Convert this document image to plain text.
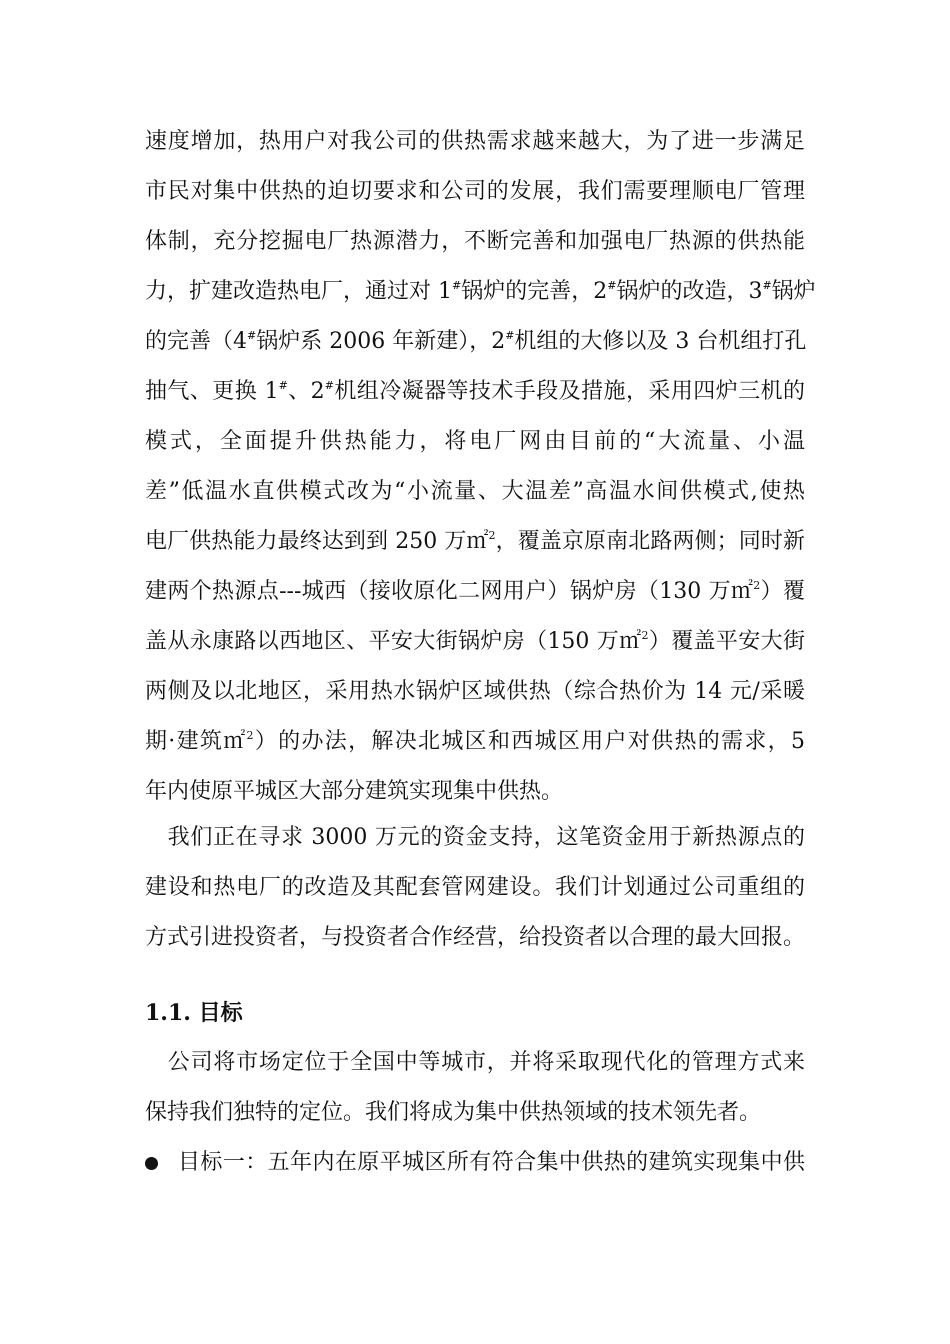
速度增加，热用户对我公司的供热需求越来越大，为了进一步满足
市民对集中供热的迫切要求和公司的发展，我们需要理顺电厂管理
体制，充分挖掘电厂热源潜力，不断完善和加强电厂热源的供热能
力，扩建改造热电厂，通过对 1#锅炉的完善，2#锅炉的改造，3#锅炉
的完善（4#锅炉系 2006 年新建），2#机组的大修以及 3 台机组打孔
抽气、更换 1#、2#机组冷凝器等技术手段及措施，采用四炉三机的
模式，全面提升供热能力，将电厂网由目前的“大流量、小温
差”低温水直供模式改为“小流量、大温差”高温水间供模式,使热
电厂供热能力最终达到到 250 万㎡$^2$，覆盖京原南北路两侧；同时新
建两个热源点---城西（接收原化二网用户）锅炉房（130 万㎡$^2$）覆
盖从永康路以西地区、平安大街锅炉房（150 万㎡$^2$）覆盖平安大街
两侧及以北地区，采用热水锅炉区域供热（综合热价为 14 元/采暖
期·建筑㎡$^2$）的办法，解决北城区和西城区用户对供热的需求，5
年内使原平城区大部分建筑实现集中供热。
　我们正在寻求 3000 万元的资金支持，这笔资金用于新热源点的
建设和热电厂的改造及其配套管网建设。我们计划通过公司重组的
方式引进投资者，与投资者合作经营，给投资者以合理的最大回报。
　公司将市场定位于全国中等城市，并将采取现代化的管理方式来
保持我们独特的定位。我们将成为集中供热领域的技术领先者。
1.1. 目标
目标一：五年内在原平城区所有符合集中供热的建筑实现集中供
